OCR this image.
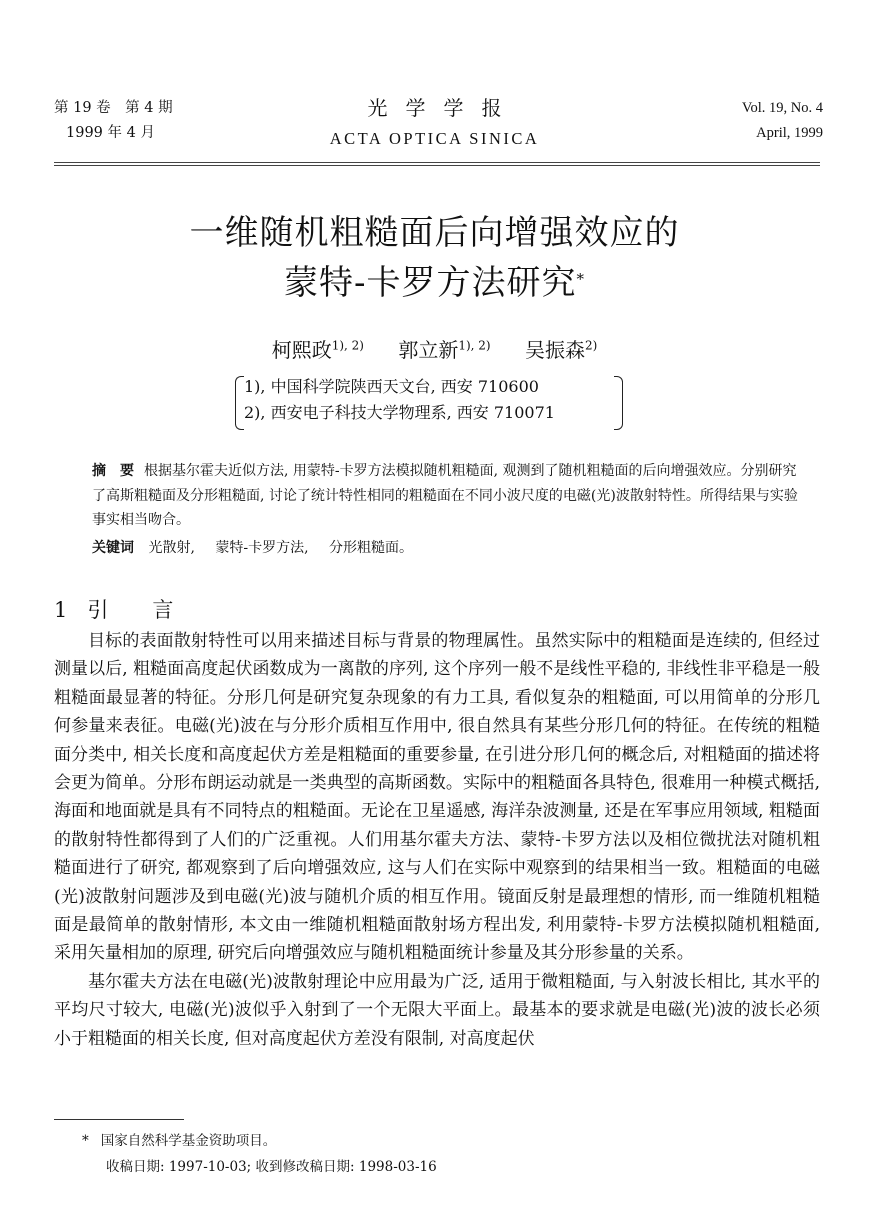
第 19 卷　第 4 期
1999 年 4 月
光学学报
ACTA OPTICA SINICA
Vol. 19, No. 4
April, 1999
一维随机粗糙面后向增强效应的
蒙特-卡罗方法研究*
柯熙政$^{1), 2)}$ 郭立新$^{1), 2)}$ 吴振森$^{2)}$
1), 中国科学院陕西天文台, 西安 710600
2), 西安电子科技大学物理系, 西安 710071
摘　要 根据基尔霍夫近似方法, 用蒙特-卡罗方法模拟随机粗糙面, 观测到了随机粗糙面的后向增强效应。分别研究了高斯粗糙面及分形粗糙面, 讨论了统计特性相同的粗糙面在不同小波尺度的电磁(光)波散射特性。所得结果与实验事实相当吻合。
关键词 光散射, 蒙特-卡罗方法, 分形粗糙面。
1 引言

目标的表面散射特性可以用来描述目标与背景的物理属性。虽然实际中的粗糙面是连续的, 但经过测量以后, 粗糙面高度起伏函数成为一离散的序列, 这个序列一般不是线性平稳的, 非线性非平稳是一般粗糙面最显著的特征。分形几何是研究复杂现象的有力工具, 看似复杂的粗糙面, 可以用简单的分形几何参量来表征。电磁(光)波在与分形介质相互作用中, 很自然具有某些分形几何的特征。在传统的粗糙面分类中, 相关长度和高度起伏方差是粗糙面的重要参量, 在引进分形几何的概念后, 对粗糙面的描述将会更为简单。分形布朗运动就是一类典型的高斯函数。实际中的粗糙面各具特色, 很难用一种模式概括, 海面和地面就是具有不同特点的粗糙面。无论在卫星遥感, 海洋杂波测量, 还是在军事应用领域, 粗糙面的散射特性都得到了人们的广泛重视。人们用基尔霍夫方法、蒙特-卡罗方法以及相位微扰法对随机粗糙面进行了研究, 都观察到了后向增强效应, 这与人们在实际中观察到的结果相当一致。粗糙面的电磁(光)波散射问题涉及到电磁(光)波与随机介质的相互作用。镜面反射是最理想的情形, 而一维随机粗糙面是最简单的散射情形, 本文由一维随机粗糙面散射场方程出发, 利用蒙特-卡罗方法模拟随机粗糙面, 采用矢量相加的原理, 研究后向增强效应与随机粗糙面统计参量及其分形参量的关系。

基尔霍夫方法在电磁(光)波散射理论中应用最为广泛, 适用于微粗糙面, 与入射波长相比, 其水平的平均尺寸较大, 电磁(光)波似乎入射到了一个无限大平面上。最基本的要求就是电磁(光)波的波长必须小于粗糙面的相关长度, 但对高度起伏方差没有限制, 对高度起伏

* 国家自然科学基金资助项目。
收稿日期: 1997-10-03; 收到修改稿日期: 1998-03-16
